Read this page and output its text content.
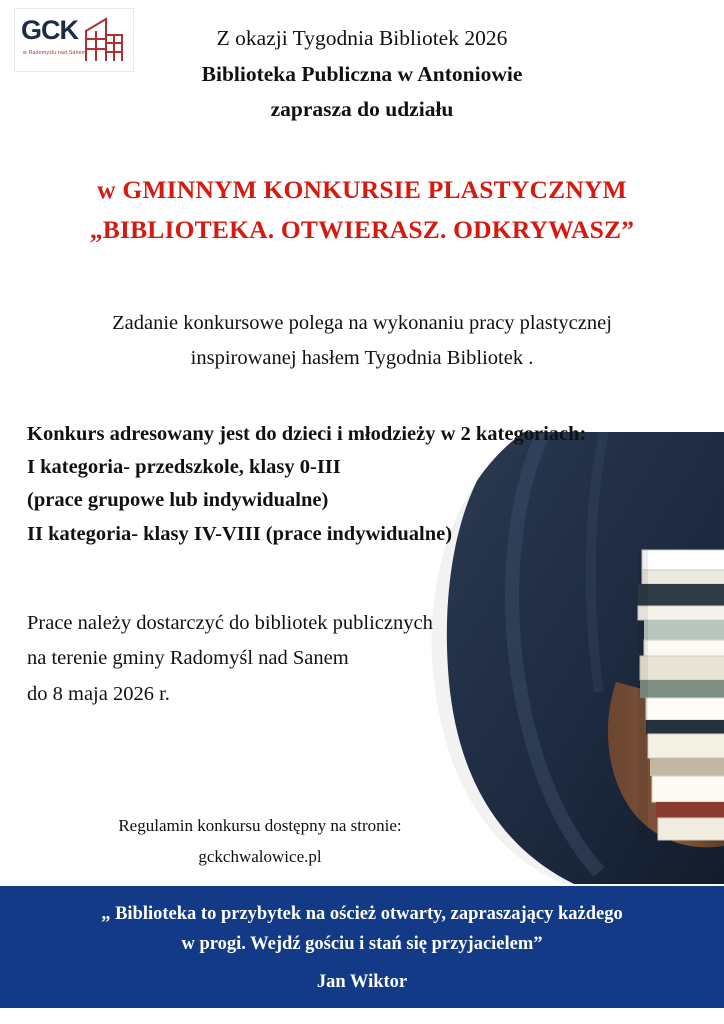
GCK
w Radomyślu nad Sanem
Z okazji Tygodnia Bibliotek 2026
Biblioteka Publiczna w Antoniowie
zaprasza do udziału
w GMINNYM KONKURSIE PLASTYCZNYM
„BIBLIOTEKA. OTWIERASZ. ODKRYWASZ”
Zadanie konkursowe polega na wykonaniu pracy plastycznej
inspirowanej hasłem Tygodnia Bibliotek .
Konkurs adresowany jest do dzieci i młodzieży w 2 kategoriach:
I kategoria- przedszkole, klasy 0-III
(prace grupowe lub indywidualne)
II kategoria- klasy IV-VIII (prace indywidualne)
Prace należy dostarczyć do bibliotek publicznych
na terenie gminy Radomyśl nad Sanem
do 8 maja 2026 r.
Regulamin konkursu dostępny na stronie:
gckchwalowice.pl
„ Biblioteka to przybytek na oścież otwarty, zapraszający każdego
w progi. Wejdź gościu i stań się przyjacielem”
Jan Wiktor
